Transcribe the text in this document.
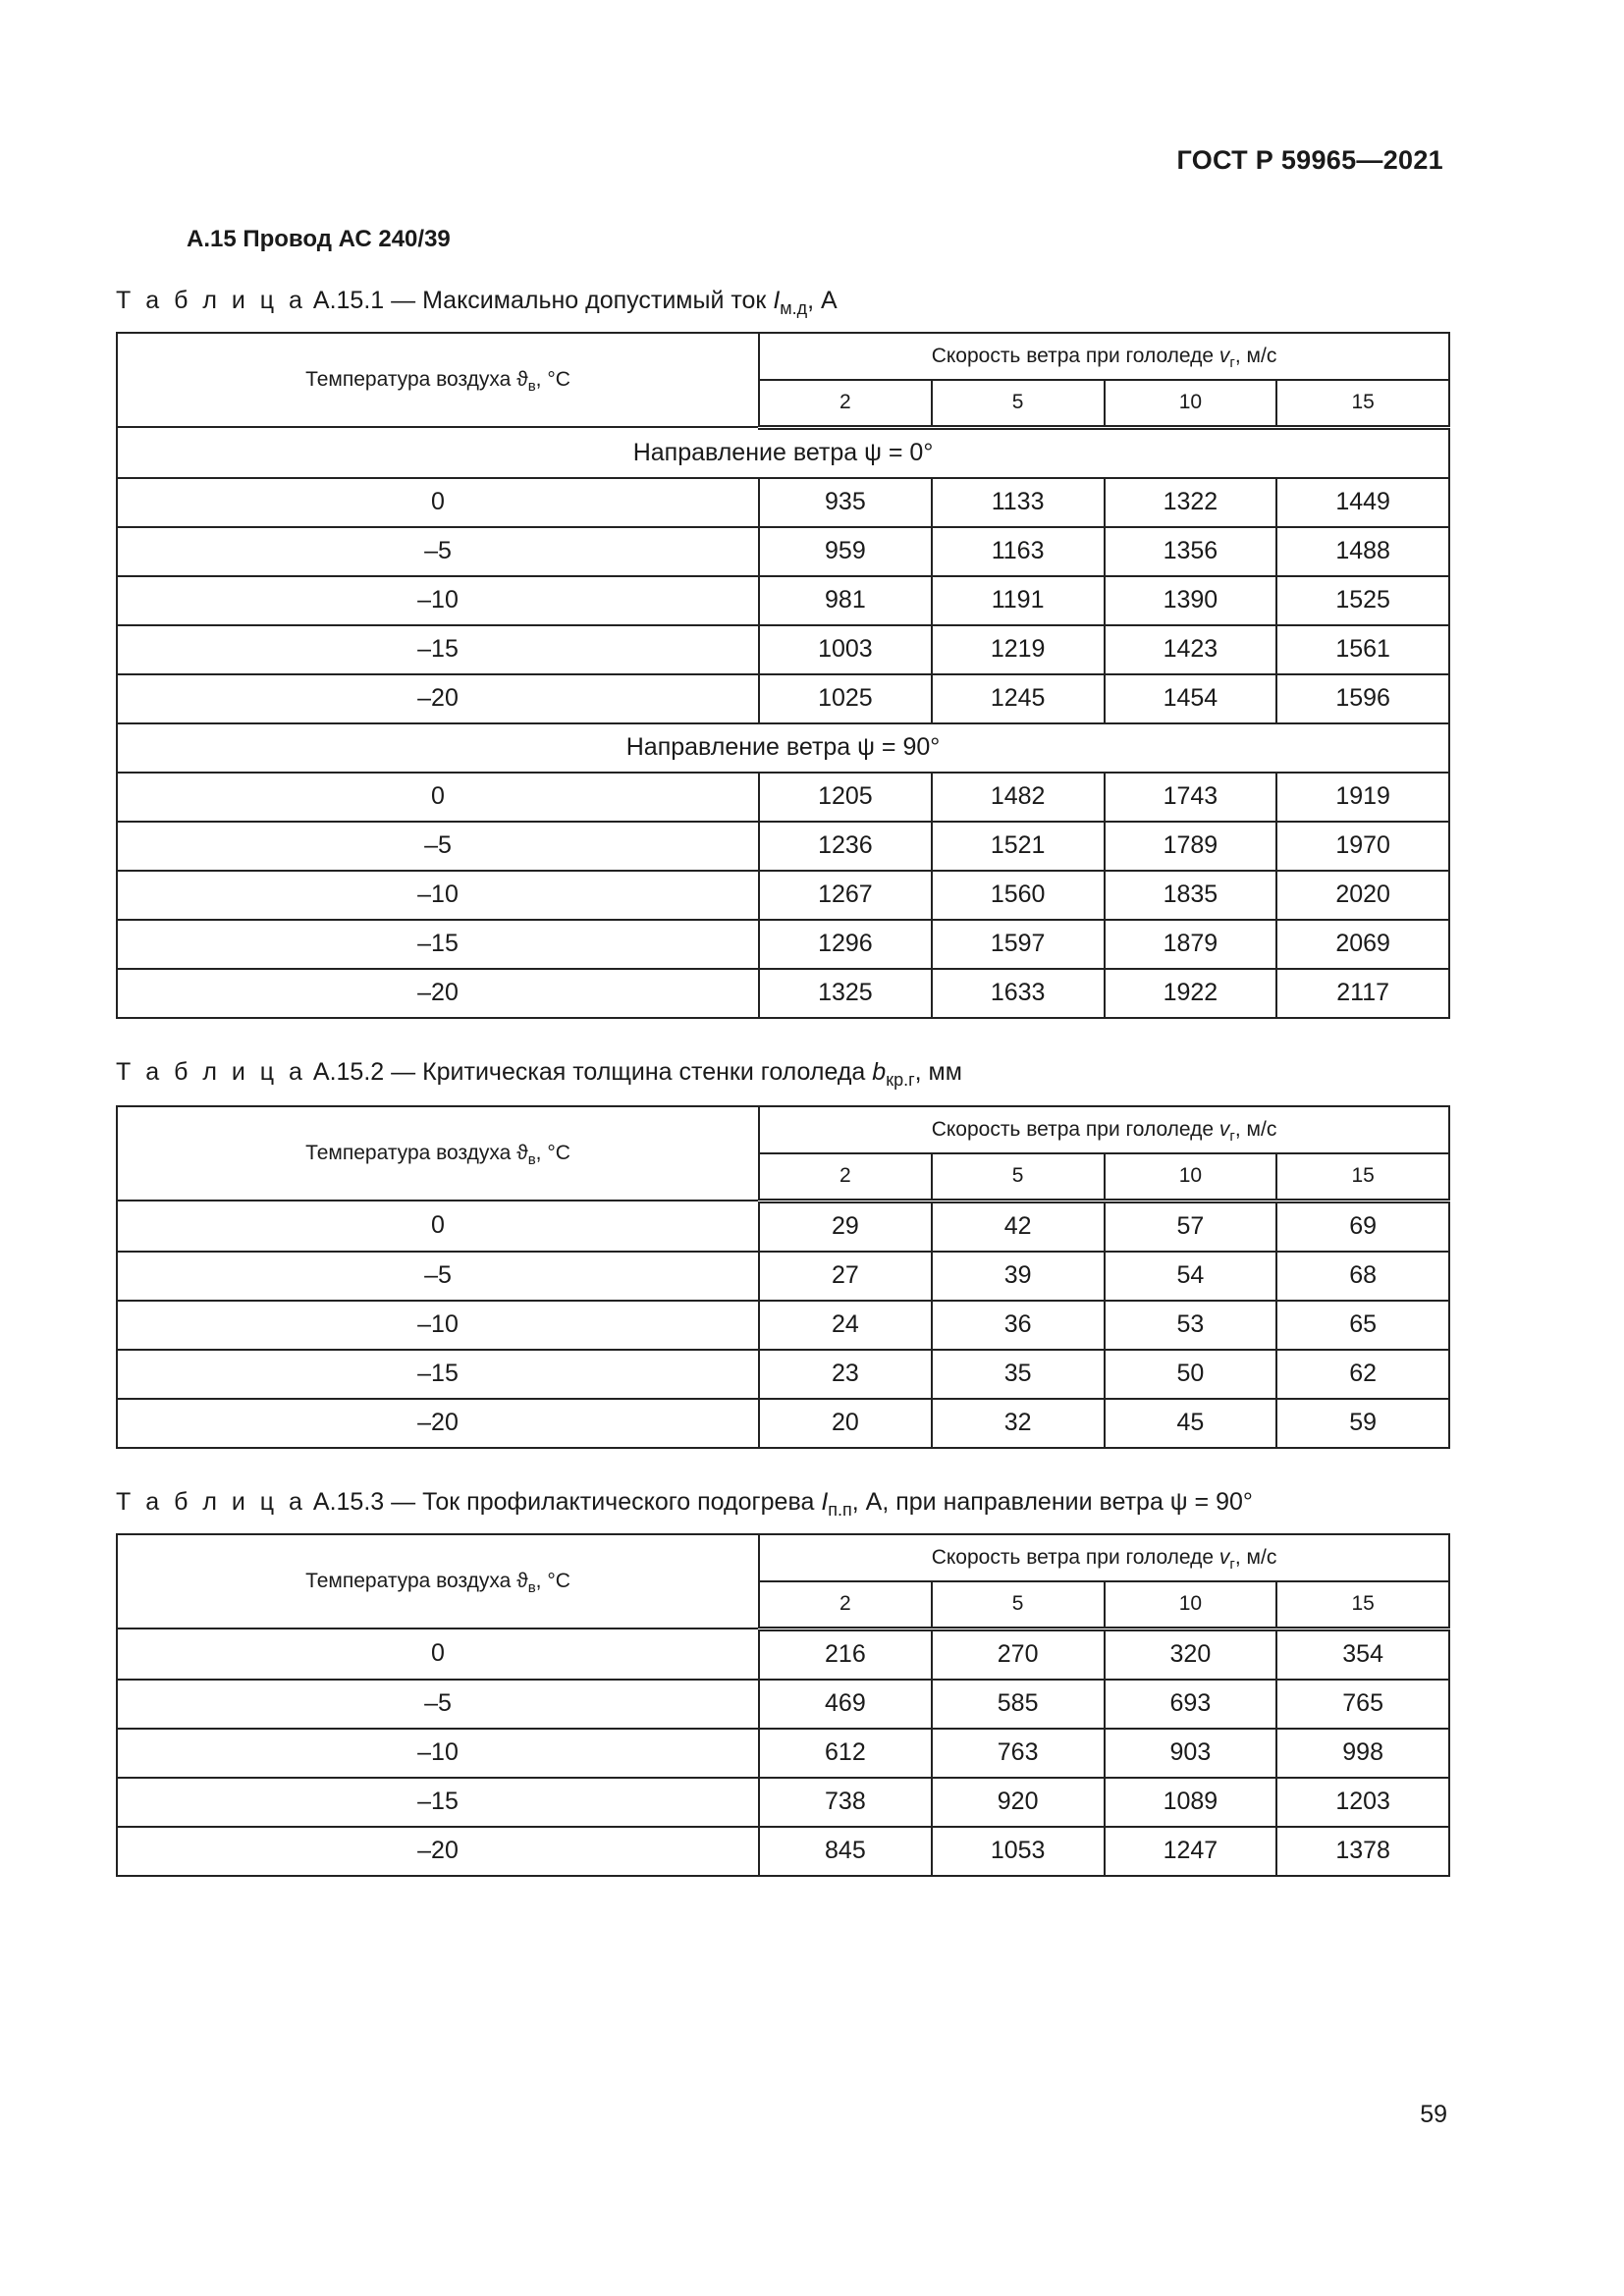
ГОСТ Р 59965—2021
А.15 Провод АС 240/39
Т а б л и ц а А.15.1 — Максимально допустимый ток $I_{м.д}$, А
Температура воздуха $ϑ_в$, °С	Скорость ветра при гололеде $v_г$, м/с			
	2	5	10	15
Направление ветра ψ = 0°				
0	935	1133	1322	1449
–5	959	1163	1356	1488
–10	981	1191	1390	1525
–15	1003	1219	1423	1561
–20	1025	1245	1454	1596
Направление ветра ψ = 90°				
0	1205	1482	1743	1919
–5	1236	1521	1789	1970
–10	1267	1560	1835	2020
–15	1296	1597	1879	2069
–20	1325	1633	1922	2117
Т а б л и ц а А.15.2 — Критическая толщина стенки гололеда $b_{кр.г}$, мм
Температура воздуха $ϑ_в$, °С	Скорость ветра при гололеде $v_г$, м/с			
	2	5	10	15
0	29	42	57	69
–5	27	39	54	68
–10	24	36	53	65
–15	23	35	50	62
–20	20	32	45	59
Т а б л и ц а А.15.3 — Ток профилактического подогрева $I_{п.п}$, А, при направлении ветра ψ = 90°
Температура воздуха $ϑ_в$, °С	Скорость ветра при гололеде $v_г$, м/с			
	2	5	10	15
0	216	270	320	354
–5	469	585	693	765
–10	612	763	903	998
–15	738	920	1089	1203
–20	845	1053	1247	1378
59
